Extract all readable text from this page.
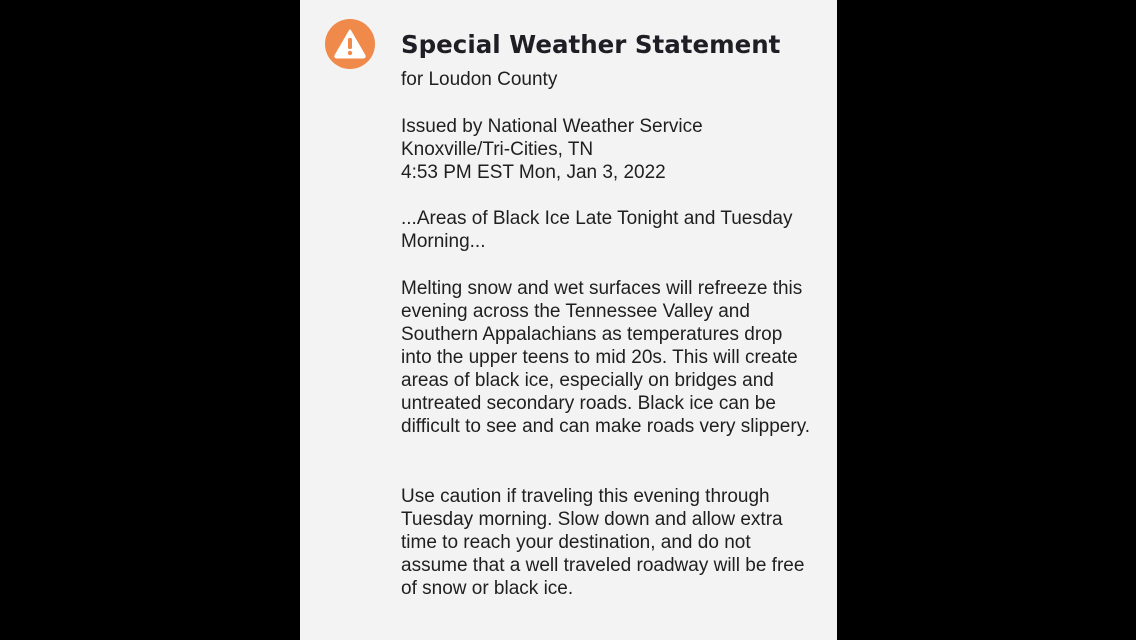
Special Weather Statement

for Loudon County

Issued by National Weather Service
Knoxville/Tri-Cities, TN
4:53 PM EST Mon, Jan 3, 2022

...Areas of Black Ice Late Tonight and Tuesday Morning...

Melting snow and wet surfaces will refreeze this evening across the Tennessee Valley and Southern Appalachians as temperatures drop into the upper teens to mid 20s. This will create areas of black ice, especially on bridges and untreated secondary roads. Black ice can be difficult to see and can make roads very slippery.

Use caution if traveling this evening through Tuesday morning. Slow down and allow extra time to reach your destination, and do not assume that a well traveled roadway will be free of snow or black ice.
